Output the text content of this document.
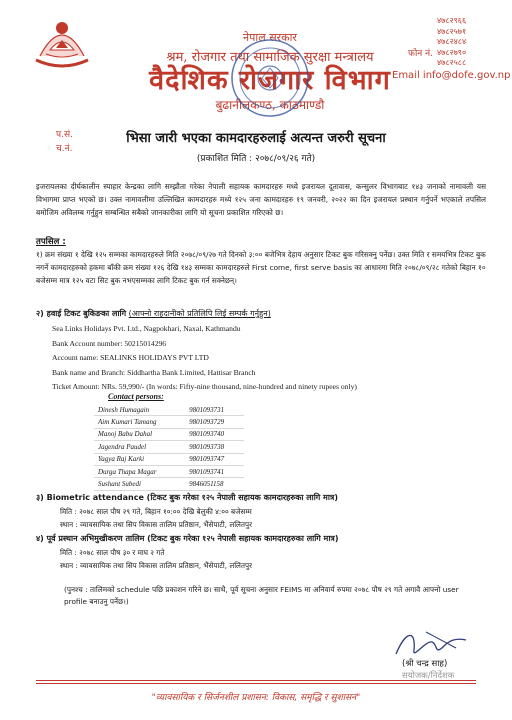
नेपाल सरकार
श्रम, रोजगार तथा सामाजिक सुरक्षा मन्त्रालय
वैदेशिक रोजगार विभाग
बुढानीलकण्ठ, काठमाण्डौ
फोन नं.
४७८२९६६
४७८२५७१
४७८२४८४
४७८२७९०
४७८२५८८
Email info@dofe.gov.np
प.सं.
च.नं.
भिसा जारी भएका कामदारहरुलाई अत्यन्त जरुरी सूचना
(प्रकाशित मिति : २०७८/०९/२६ गते)
इजरायलका दीर्घकालीन स्याहार केन्द्रका लागि सम्झौता गरेका नेपाली सहायक कामदारहरु मध्ये इजरायल दूतावास, कन्सुलर विभागबाट १४३ जनाको नामावली यस विभागमा प्राप्त भएको छ। उक्त नामावलीमा उल्लिखित कामदारहरु मध्ये १२५ जना कामदारहरु १९ जनवरी, २०२२ का दिन इजरायल प्रस्थान गर्नुपर्ने भएकाले तपसिल बमोजिम अविलम्ब गर्नुहुन सम्बन्धित सबैको जानकारीका लागि यो सूचना प्रकाशित गरिएको छ।
तपसिल :
१) क्रम संख्या १ देखि १२५ सम्मका कामदारहरुले मिति २०७८/०९/२७ गते दिनको ३:०० बजेभित्र देहाय अनुसार टिकट बुक गरिसक्नु पर्नेछ। उक्त मिति र समयभित्र टिकट बुक नगर्ने कामदारहरुको हकमा बाँकी क्रम संख्या १२६ देखि १४३ सम्मका कामदारहरुले First come, first serve basis का आधारमा मिति २०७८/०९/२८ गतेको बिहान १० बजेसम्म मात्र १२५ वटा सिट बुक नभएसम्मका लागि टिकट बुक गर्न सक्नेछन्।
२) हवाई टिकट बुकिङका लागि (आफ्नो राहदानीको प्रतिलिपि लिई सम्पर्क गर्नुहुन)
Sea Links Holidays Pvt. Ltd., Nagpokhari, Naxal, Kathmandu
Bank Account number: 50215014296
Account name: SEALINKS HOLIDAYS PVT LTD
Bank name and Branch: Siddhartha Bank Limited, Hattisar Branch
Ticket Amount: NRs. 59,990/- (In words: Fifty-nine thousand, nine-hundred and ninety rupees only)
Contact persons:
Dinesh Humagain	9801093731
Aim Kumari Tamang	9801093729
Manoj Babu Dahal	9801093740
Jagendra Paudel	9801093738
Yagya Raj Karki	9801093747
Durga Thapa Magar	9801093741
Sushant Subedi	9846051158
३) Biometric attendance (टिकट बुक गरेका १२५ नेपाली सहायक कामदारहरुका लागि मात्र)
मिति : २०७८ साल पौष २९ गते, बिहान १०:०० देखि बेलुकी ४:०० बजेसम्म
स्थान : व्यावसायिक तथा सिप विकास तालिम प्रतिष्ठान, भैंसेपाटी, ललितपुर
४) पूर्व प्रस्थान अभिमुखीकरण तालिम (टिकट बुक गरेका १२५ नेपाली सहायक कामदारहरुका लागि मात्र)
मिति : २०७८ साल पौष ३० र माघ २ गते
स्थान : व्यावसायिक तथा सिप विकास तालिम प्रतिष्ठान, भैंसेपाटी, ललितपुर
(पुनश्च : तालिमको schedule पछि प्रकाशन गरिने छ। साथै, पूर्व सूचना अनुसार FEIMS मा अनिवार्य रुपमा २०७८ पौष २९ गते अगावै आफ्नो user profile बनाउनु पर्नेछ।)
(श्री चन्द्र साह)
सयोजक/निर्देशक
"व्यावसायिक र सिर्जनशील प्रशासन: विकास, समृद्धि र सुशासन"
